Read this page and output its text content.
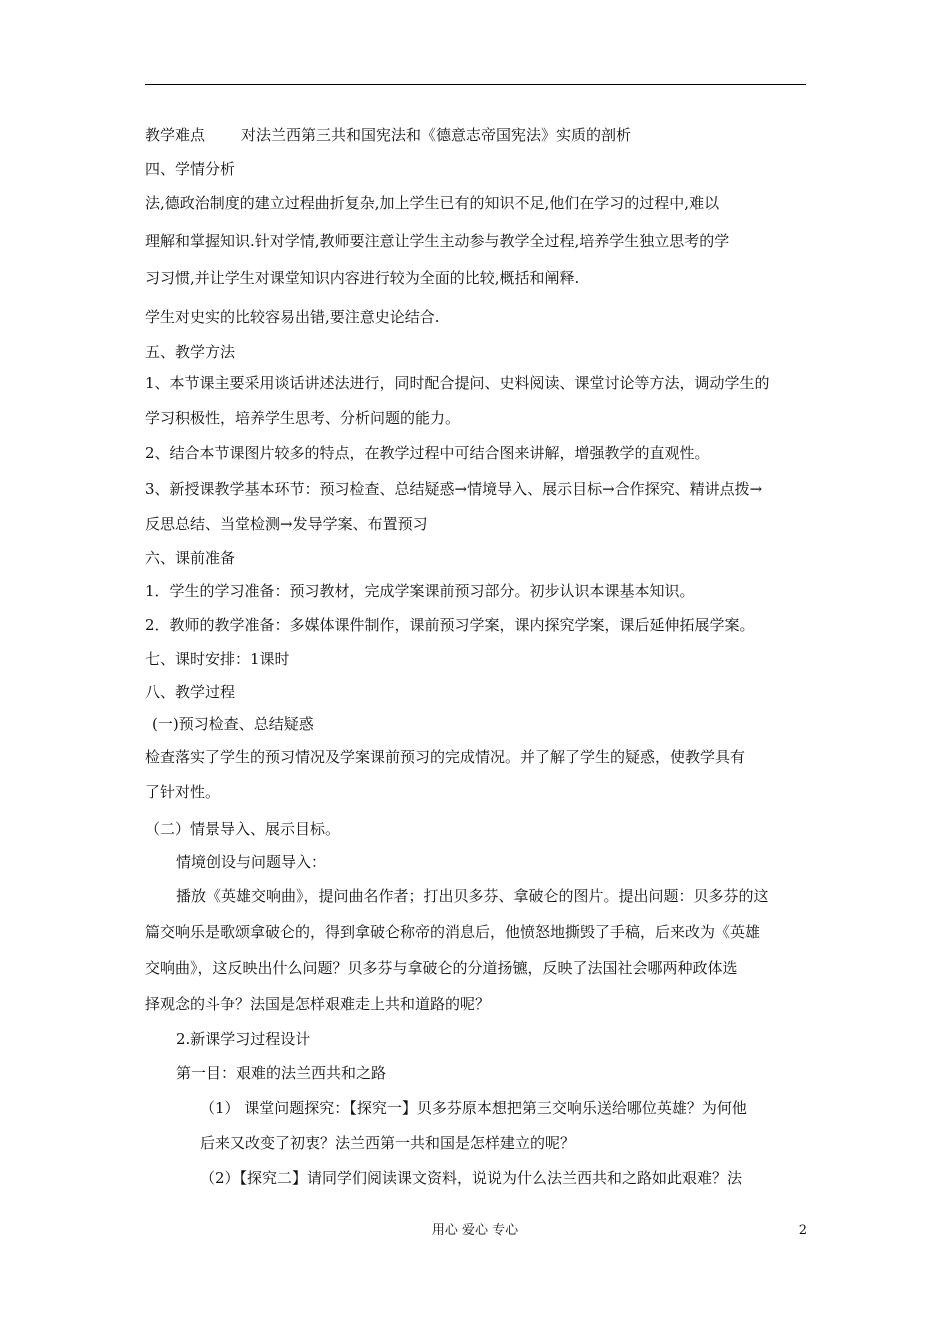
教学难点 对法兰西第三共和国宪法和《德意志帝国宪法》实质的剖析
四、学情分析
法,德政治制度的建立过程曲折复杂,加上学生已有的知识不足,他们在学习的过程中,难以
理解和掌握知识.针对学情,教师要注意让学生主动参与教学全过程,培养学生独立思考的学
习习惯,并让学生对课堂知识内容进行较为全面的比较,概括和阐释.
学生对史实的比较容易出错,要注意史论结合.
五、教学方法
1、本节课主要采用谈话讲述法进行，同时配合提问、史料阅读、课堂讨论等方法，调动学生的
学习积极性，培养学生思考、分析问题的能力。
2、结合本节课图片较多的特点，在教学过程中可结合图来讲解，增强教学的直观性。
3、新授课教学基本环节：预习检查、总结疑惑→情境导入、展示目标→合作探究、精讲点拨→
反思总结、当堂检测→发导学案、布置预习
六、课前准备
1．学生的学习准备：预习教材，完成学案课前预习部分。初步认识本课基本知识。
2．教师的教学准备：多媒体课件制作，课前预习学案，课内探究学案，课后延伸拓展学案。
七、课时安排：1课时
八、教学过程
(一)预习检查、总结疑惑
检查落实了学生的预习情况及学案课前预习的完成情况。并了解了学生的疑惑，使教学具有
了针对性。
（二）情景导入、展示目标。
情境创设与问题导入：
播放《英雄交响曲》，提问曲名作者；打出贝多芬、拿破仑的图片。提出问题：贝多芬的这
篇交响乐是歌颂拿破仑的，得到拿破仑称帝的消息后，他愤怒地撕毁了手稿，后来改为《英雄
交响曲》，这反映出什么问题？贝多芬与拿破仑的分道扬镳，反映了法国社会哪两种政体选
择观念的斗争？法国是怎样艰难走上共和道路的呢？
2.新课学习过程设计
第一目：艰难的法兰西共和之路
（1） 课堂问题探究：【探究一】贝多芬原本想把第三交响乐送给哪位英雄？为何他
后来又改变了初衷？法兰西第一共和国是怎样建立的呢？
（2）【探究二】请同学们阅读课文资料，说说为什么法兰西共和之路如此艰难？法
用心 爱心 专心	2
